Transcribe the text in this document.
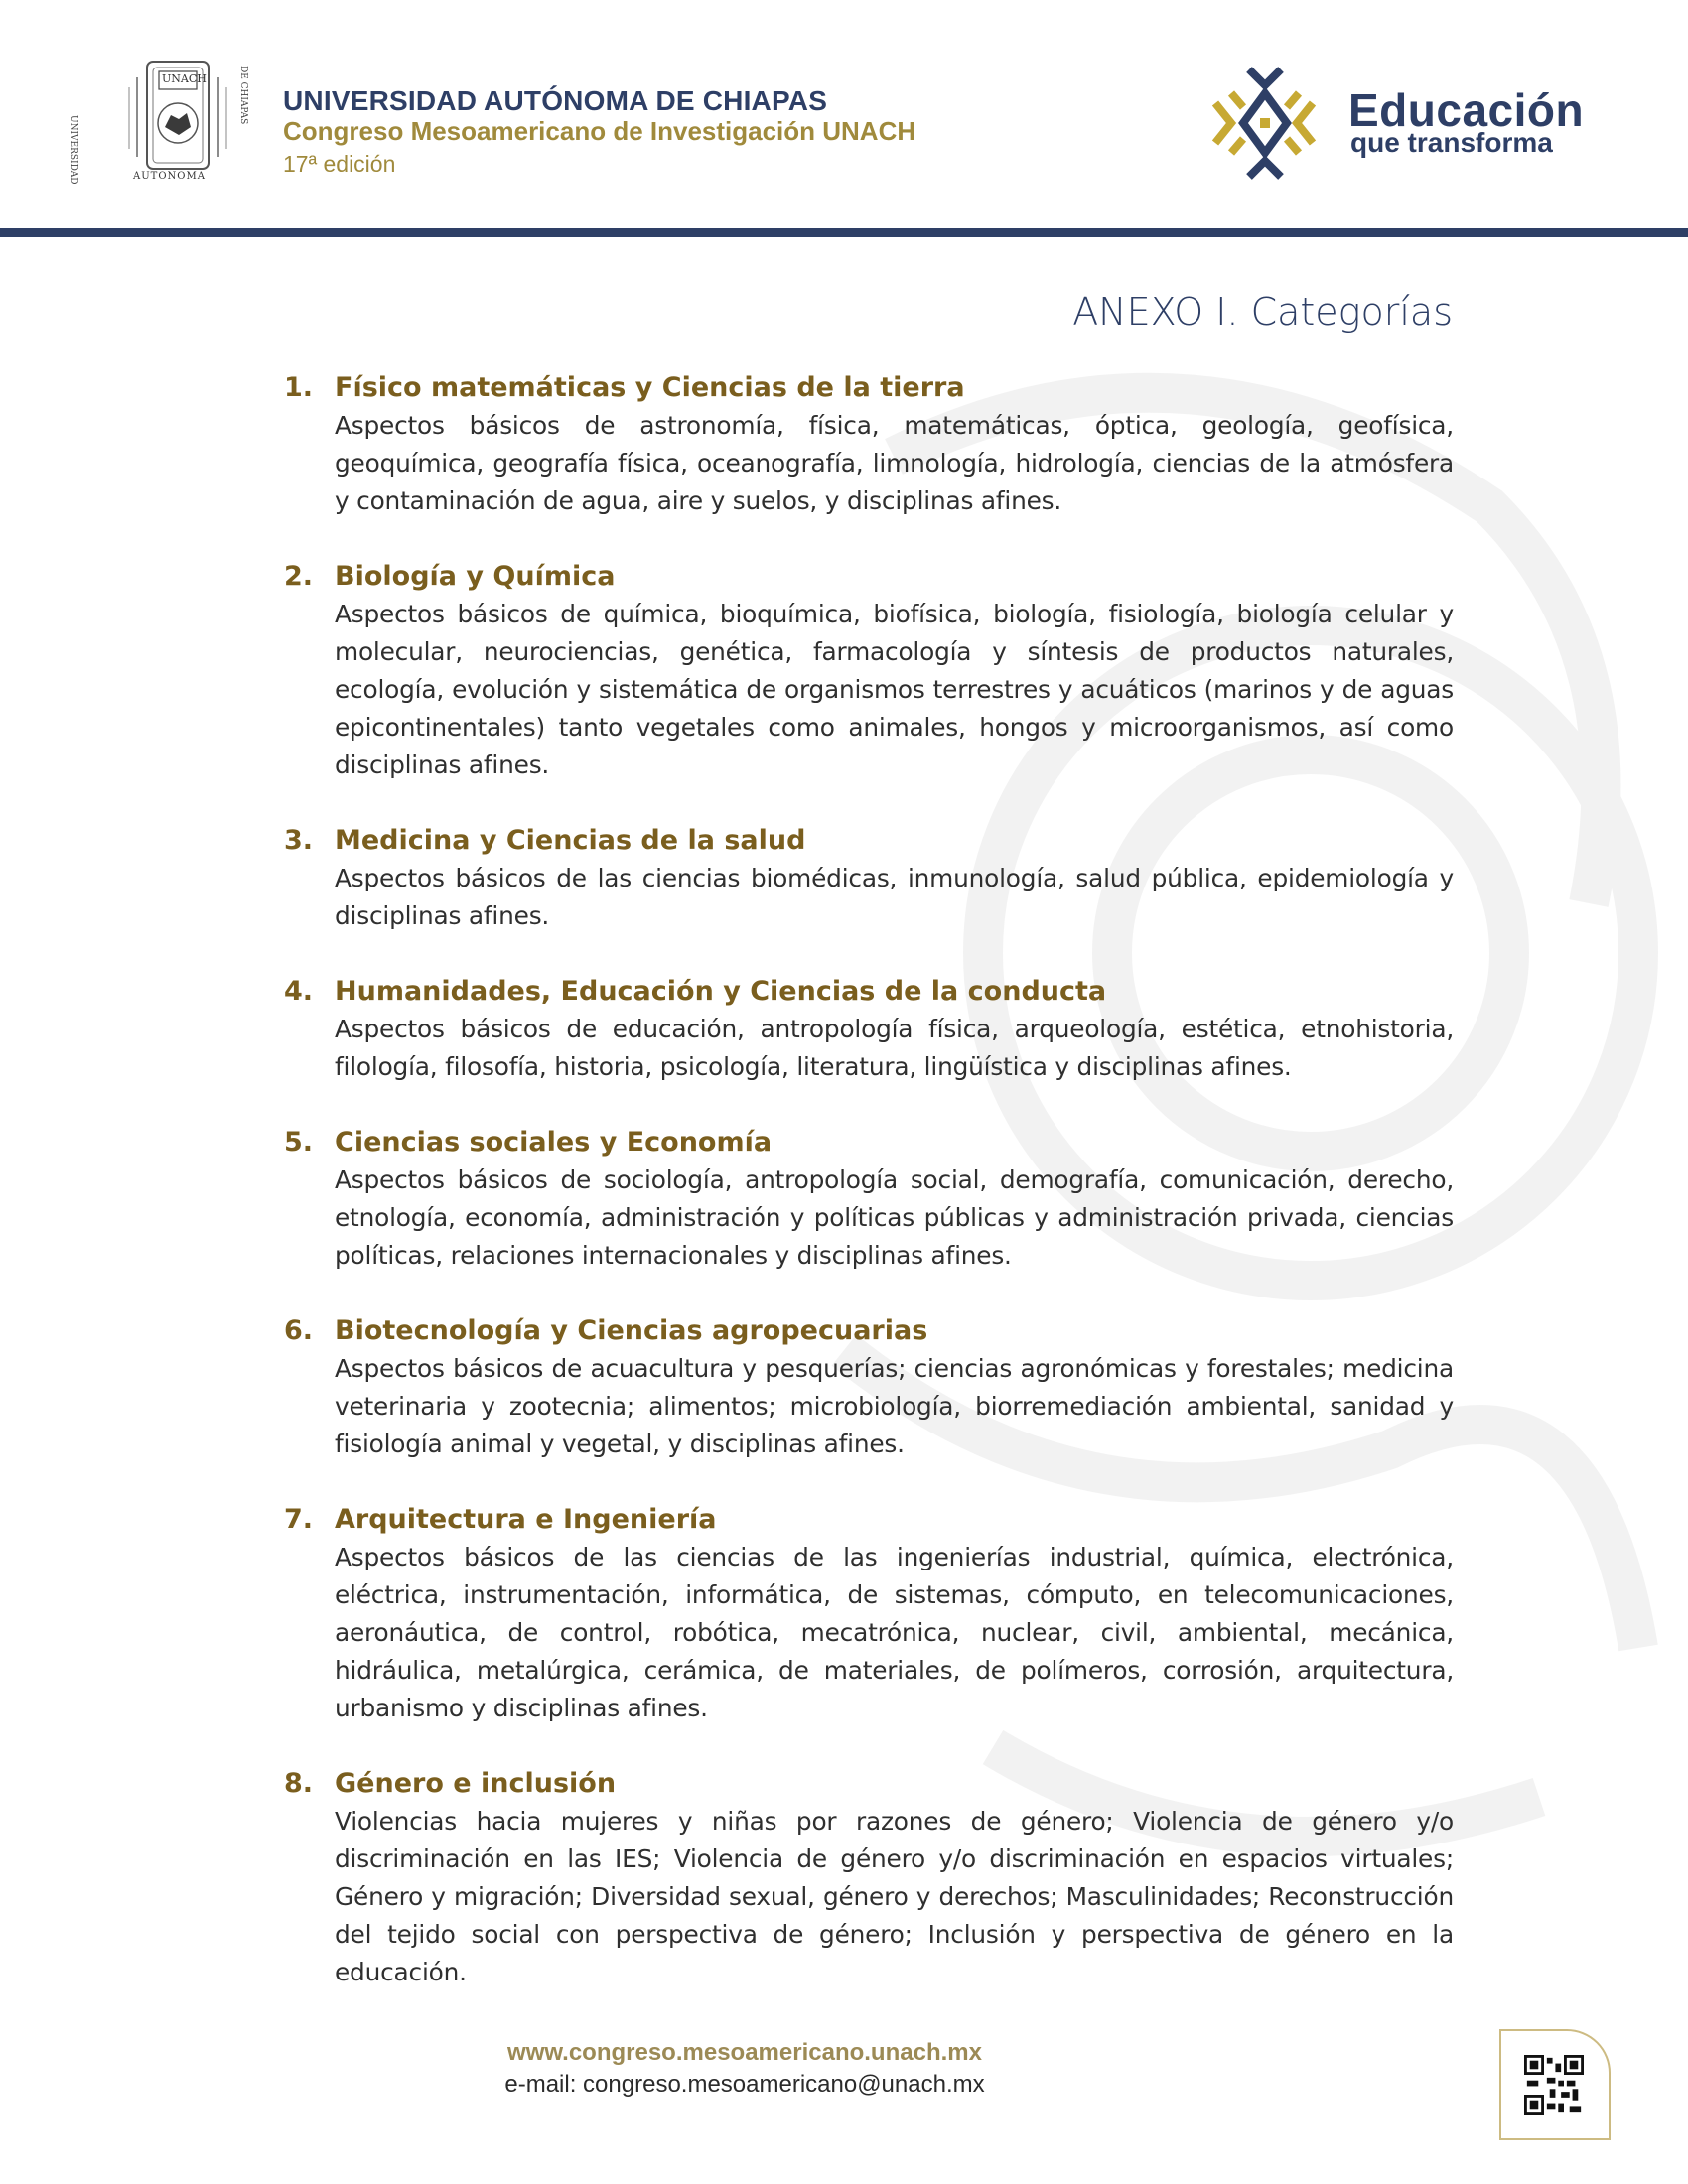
UNACH
UNIVERSIDAD
DE CHIAPAS
AUTONOMA
UNIVERSIDAD AUTÓNOMA DE CHIAPAS
Congreso Mesoamericano de Investigación UNACH
17ª edición
Educación
que transforma
ANEXO I. Categorías
1. Físico matemáticas y Ciencias de la tierra
Aspectos básicos de astronomía, física, matemáticas, óptica, geología, geofísica, geoquímica, geografía física, oceanografía, limnología, hidrología, ciencias de la atmósfera y contaminación de agua, aire y suelos, y disciplinas afines.
2. Biología y Química
Aspectos básicos de química, bioquímica, biofísica, biología, fisiología, biología celular y molecular, neurociencias, genética, farmacología y síntesis de productos naturales, ecología, evolución y sistemática de organismos terrestres y acuáticos (marinos y de aguas epicontinentales) tanto vegetales como animales, hongos y microorganismos, así como disciplinas afines.
3. Medicina y Ciencias de la salud
Aspectos básicos de las ciencias biomédicas, inmunología, salud pública, epidemiología y disciplinas afines.
4. Humanidades, Educación y Ciencias de la conducta
Aspectos básicos de educación, antropología física, arqueología, estética, etnohistoria, filología, filosofía, historia, psicología, literatura, lingüística y disciplinas afines.
5. Ciencias sociales y Economía
Aspectos básicos de sociología, antropología social, demografía, comunicación, derecho, etnología, economía, administración y políticas públicas y administración privada, ciencias políticas, relaciones internacionales y disciplinas afines.
6. Biotecnología y Ciencias agropecuarias
Aspectos básicos de acuacultura y pesquerías; ciencias agronómicas y forestales; medicina veterinaria y zootecnia; alimentos; microbiología, biorremediación ambiental, sanidad y fisiología animal y vegetal, y disciplinas afines.
7. Arquitectura e Ingeniería
Aspectos básicos de las ciencias de las ingenierías industrial, química, electrónica, eléctrica, instrumentación, informática, de sistemas, cómputo, en telecomunicaciones, aeronáutica, de control, robótica, mecatrónica, nuclear, civil, ambiental, mecánica, hidráulica, metalúrgica, cerámica, de materiales, de polímeros, corrosión, arquitectura, urbanismo y disciplinas afines.
8. Género e inclusión
Violencias hacia mujeres y niñas por razones de género; Violencia de género y/o discriminación en las IES; Violencia de género y/o discriminación en espacios virtuales; Género y migración; Diversidad sexual, género y derechos; Masculinidades; Reconstrucción del tejido social con perspectiva de género; Inclusión y perspectiva de género en la educación.
www.congreso.mesoamericano.unach.mx
e-mail: congreso.mesoamericano@unach.mx
